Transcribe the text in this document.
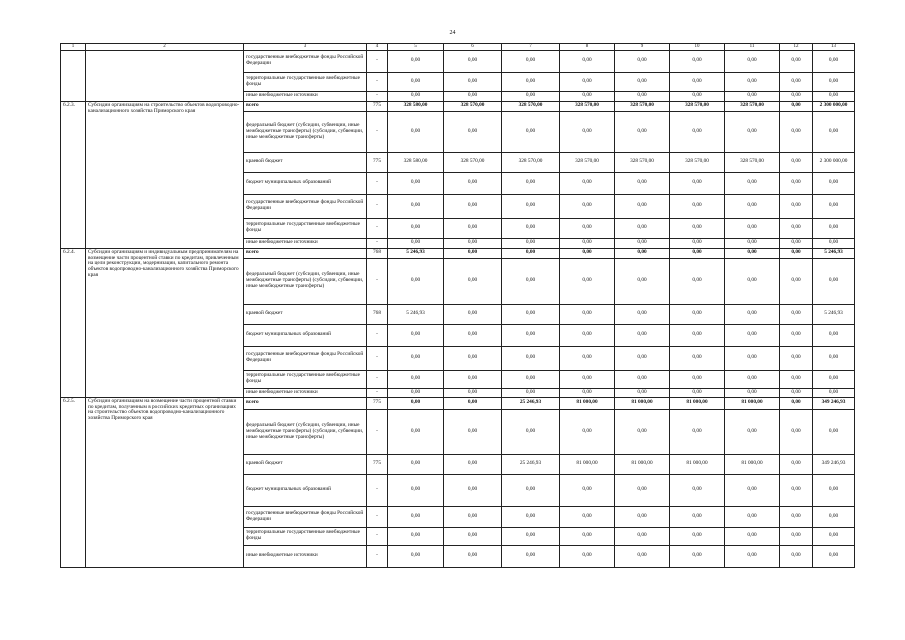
24
1	2	3	4	5	6	7	8	9	10	11	12	13
		государственные внебюджетные фонды Российской Федерации	-	0,00	0,00	0,00	0,00	0,00	0,00	0,00	0,00	0,00
		территориальные государственные внебюджетные фонды	-	0,00	0,00	0,00	0,00	0,00	0,00	0,00	0,00	0,00
		иные внебюджетные источники	-	0,00	0,00	0,00	0,00	0,00	0,00	0,00	0,00	0,00
6.2.3.	Субсидии организациям на строительство объектов водопроводно-канализационного хозяйства Приморского края	всего	775	328 580,00	328 570,00	328 570,00	328 570,00	328 570,00	328 570,00	328 570,00	0,00	2 300 000,00
		федеральный бюджет (субсидии, субвенции, иные межбюджетные трансферты) (субсидии, субвенции, иные межбюджетные трансферты)	-	0,00	0,00	0,00	0,00	0,00	0,00	0,00	0,00	0,00
		краевой бюджет	775	328 580,00	328 570,00	328 570,00	328 570,00	328 570,00	328 570,00	328 570,00	0,00	2 300 000,00
		бюджет муниципальных образований	-	0,00	0,00	0,00	0,00	0,00	0,00	0,00	0,00	0,00
		государственные внебюджетные фонды Российской Федерации	-	0,00	0,00	0,00	0,00	0,00	0,00	0,00	0,00	0,00
		территориальные государственные внебюджетные фонды	-	0,00	0,00	0,00	0,00	0,00	0,00	0,00	0,00	0,00
		иные внебюджетные источники	-	0,00	0,00	0,00	0,00	0,00	0,00	0,00	0,00	0,00
6.2.4.	Субсидии организациям и индивидуальным предпринимателям на возмещение части процентной ставки по кредитам, привлеченным на цели реконструкции, модернизации, капитального ремонта объектов водопроводно-канализационного хозяйства Приморского края	всего	768	5 246,93	0,00	0,00	0,00	0,00	0,00	0,00	0,00	5 246,93
		федеральный бюджет (субсидии, субвенции, иные межбюджетные трансферты) (субсидии, субвенции, иные межбюджетные трансферты)	-	0,00	0,00	0,00	0,00	0,00	0,00	0,00	0,00	0,00
		краевой бюджет	768	5 246,93	0,00	0,00	0,00	0,00	0,00	0,00	0,00	5 246,93
		бюджет муниципальных образований	-	0,00	0,00	0,00	0,00	0,00	0,00	0,00	0,00	0,00
		государственные внебюджетные фонды Российской Федерации	-	0,00	0,00	0,00	0,00	0,00	0,00	0,00	0,00	0,00
		территориальные государственные внебюджетные фонды	-	0,00	0,00	0,00	0,00	0,00	0,00	0,00	0,00	0,00
		иные внебюджетные источники	-	0,00	0,00	0,00	0,00	0,00	0,00	0,00	0,00	0,00
6.2.5.	Субсидии организациям на возмещение части процентной ставки по кредитам, полученным в российских кредитных организациях на строительство объектов водопроводно-канализационного хозяйства Приморского края	всего	775	0,00	0,00	25 246,93	81 000,00	81 000,00	81 000,00	81 000,00	0,00	349 246,93
		федеральный бюджет (субсидии, субвенции, иные межбюджетные трансферты) (субсидии, субвенции, иные межбюджетные трансферты)	-	0,00	0,00	0,00	0,00	0,00	0,00	0,00	0,00	0,00
		краевой бюджет	775	0,00	0,00	25 246,93	81 000,00	81 000,00	81 000,00	81 000,00	0,00	349 246,93
		бюджет муниципальных образований	-	0,00	0,00	0,00	0,00	0,00	0,00	0,00	0,00	0,00
		государственные внебюджетные фонды Российской Федерации	-	0,00	0,00	0,00	0,00	0,00	0,00	0,00	0,00	0,00
		территориальные государственные внебюджетные фонды	-	0,00	0,00	0,00	0,00	0,00	0,00	0,00	0,00	0,00
		иные внебюджетные источники	-	0,00	0,00	0,00	0,00	0,00	0,00	0,00	0,00	0,00
